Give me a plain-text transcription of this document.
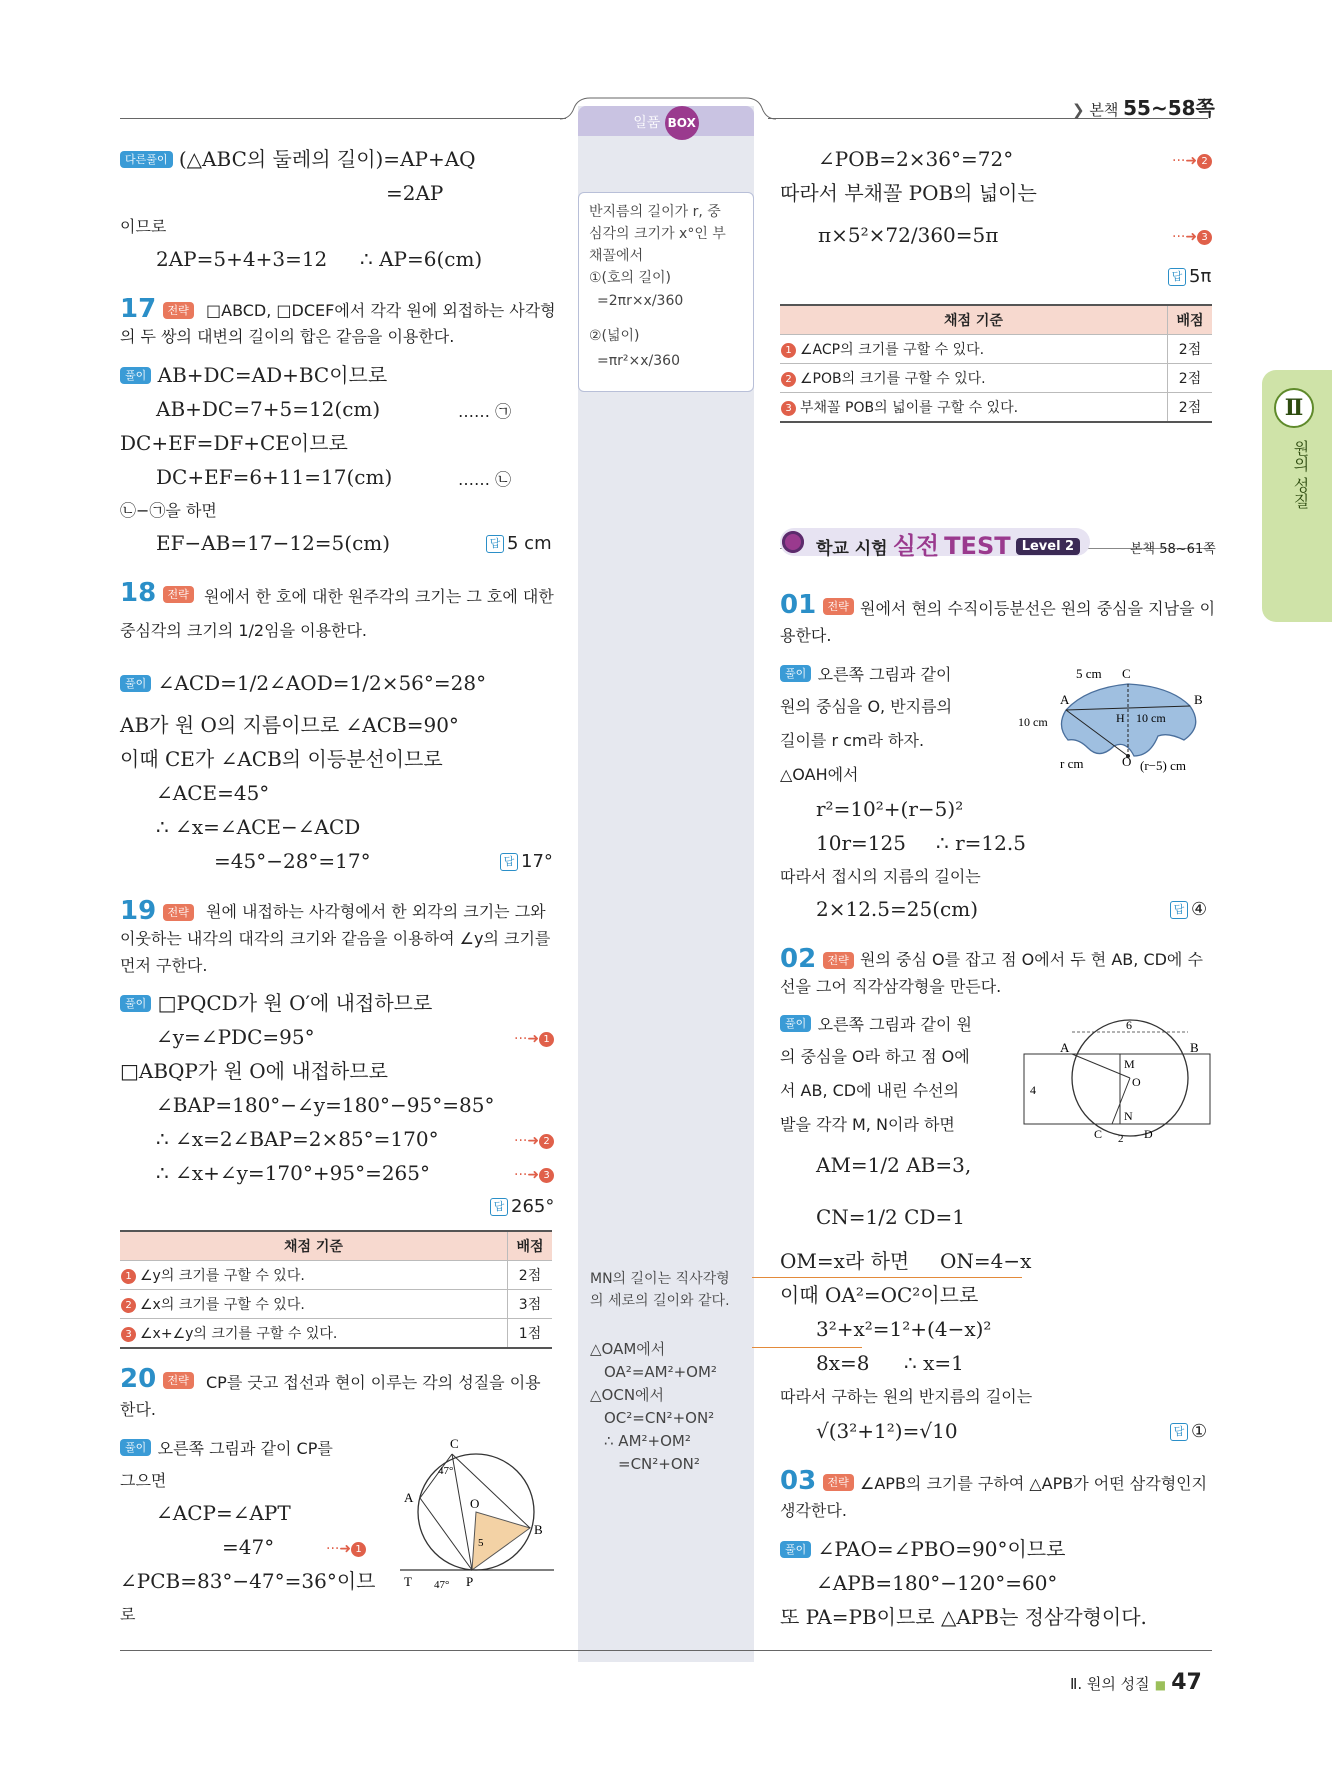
❯ 본책 55~58쪽
일품 BOX
반지름의 길이가 r, 중
심각의 크기가 x°인 부
채꼴에서
①(호의 길이)
=2πr×x/360
②(넓이)
=πr²×x/360
MN의 길이는 직사각형
의 세로의 길이와 같다.
△OAM에서
OA²=AM²+OM²
△OCN에서
OC²=CN²+ON²
∴ AM²+OM²
=CN²+ON²
다른풀이 (△ABC의 둘레의 길이)=AP+AQ
=2AP
이므로
2AP=5+4+3=12 ∴ AP=6(cm)
17 전략	□ABCD, □DCEF에서 각각 원에 외접하는 사각형의 두 쌍의 대변의 길이의 합은 같음을 이용한다.
풀이 AB+DC=AD+BC이므로
AB+DC=7+5=12(cm)	…… ㉠
DC+EF=DF+CE이므로
DC+EF=6+11=17(cm)	…… ㉡
㉡−㉠을 하면
EF−AB=17−12=5(cm)	답 5 cm
18 전략 원에서 한 호에 대한 원주각의 크기는 그 호에 대한
중심각의 크기의 1/2임을 이용한다.
풀이 ∠ACD=1/2∠AOD=1/2×56°=28°
AB가 원 O의 지름이므로 ∠ACB=90°
이때 CE가 ∠ACB의 이등분선이므로
∠ACE=45°
∴ ∠x=∠ACE−∠ACD
=45°−28°=17°	답 17°
19 전략	원에 내접하는 사각형에서 한 외각의 크기는 그와 이웃하는 내각의 대각의 크기와 같음을 이용하여 ∠y의 크기를 먼저 구한다.
풀이 □PQCD가 원 O′에 내접하므로
∠y=∠PDC=95°	···➜ 1
□ABQP가 원 O에 내접하므로
∠BAP=180°−∠y=180°−95°=85°
∴ ∠x=2∠BAP=2×85°=170°	···➜ 2
∴ ∠x+∠y=170°+95°=265°	···➜ 3
답 265°
채점 기준	배점
1 ∠y의 크기를 구할 수 있다.	2점
2 ∠x의 크기를 구할 수 있다.	3점
3 ∠x+∠y의 크기를 구할 수 있다.	1점
20 전략	CP를 긋고 접선과 현이 이루는 각의 성질을 이용한다.
풀이 오른쪽 그림과 같이 CP를
그으면
∠ACP=∠APT
=47°	···➜ 1
∠PCB=83°−47°=36°이므
로
C
A	O
B
T	P
47°
47°
5
∠POB=2×36°=72°	···➜ 2
따라서 부채꼴 POB의 넓이는
π×5²×72/360=5π	···➜ 3
답 5π
채점 기준	배점
1 ∠ACP의 크기를 구할 수 있다.	2점
2 ∠POB의 크기를 구할 수 있다.	2점
3 부채꼴 POB의 넓이를 구할 수 있다.	2점
학교 시험 실전 TEST $^{Level 2}$	본책 58~61쪽
01 전략 원에서 현의 수직이등분선은 원의 중심을 지남을 이용한다.
풀이 오른쪽 그림과 같이
원의 중심을 O, 반지름의
길이를 r cm라 하자.
△OAH에서
r²=10²+(r−5)²
10r=125 ∴ r=12.5
따라서 접시의 지름의 길이는
2×12.5=25(cm)	답 ④
5 cm C
A	B
H
10 cm	10 cm
r cm	O (r−5) cm
02 전략 원의 중심 O를 잡고 점 O에서 두 현 AB, CD에 수선을 그어 직각삼각형을 만든다.
풀이 오른쪽 그림과 같이 원
의 중심을 O라 하고 점 O에
서 AB, CD에 내린 수선의
발을 각각 M, N이라 하면
AM=1/2 AB=3,
CN=1/2 CD=1
OM=x라 하면 ON=4−x
이때 OA²=OC²이므로
3²+x²=1²+(4−x)²
8x=8 ∴ x=1
따라서 구하는 원의 반지름의 길이는
√(3²+1²)=√10	답 ①
A	B
6
M
O
4
N
C 2 D
03 전략 ∠APB의 크기를 구하여 △APB가 어떤 삼각형인지 생각한다.
풀이 ∠PAO=∠PBO=90°이므로
∠APB=180°−120°=60°
또 PA=PB이므로 △APB는 정삼각형이다.
Ⅱ
원의 성질
Ⅱ. 원의 성질 ■ 47
